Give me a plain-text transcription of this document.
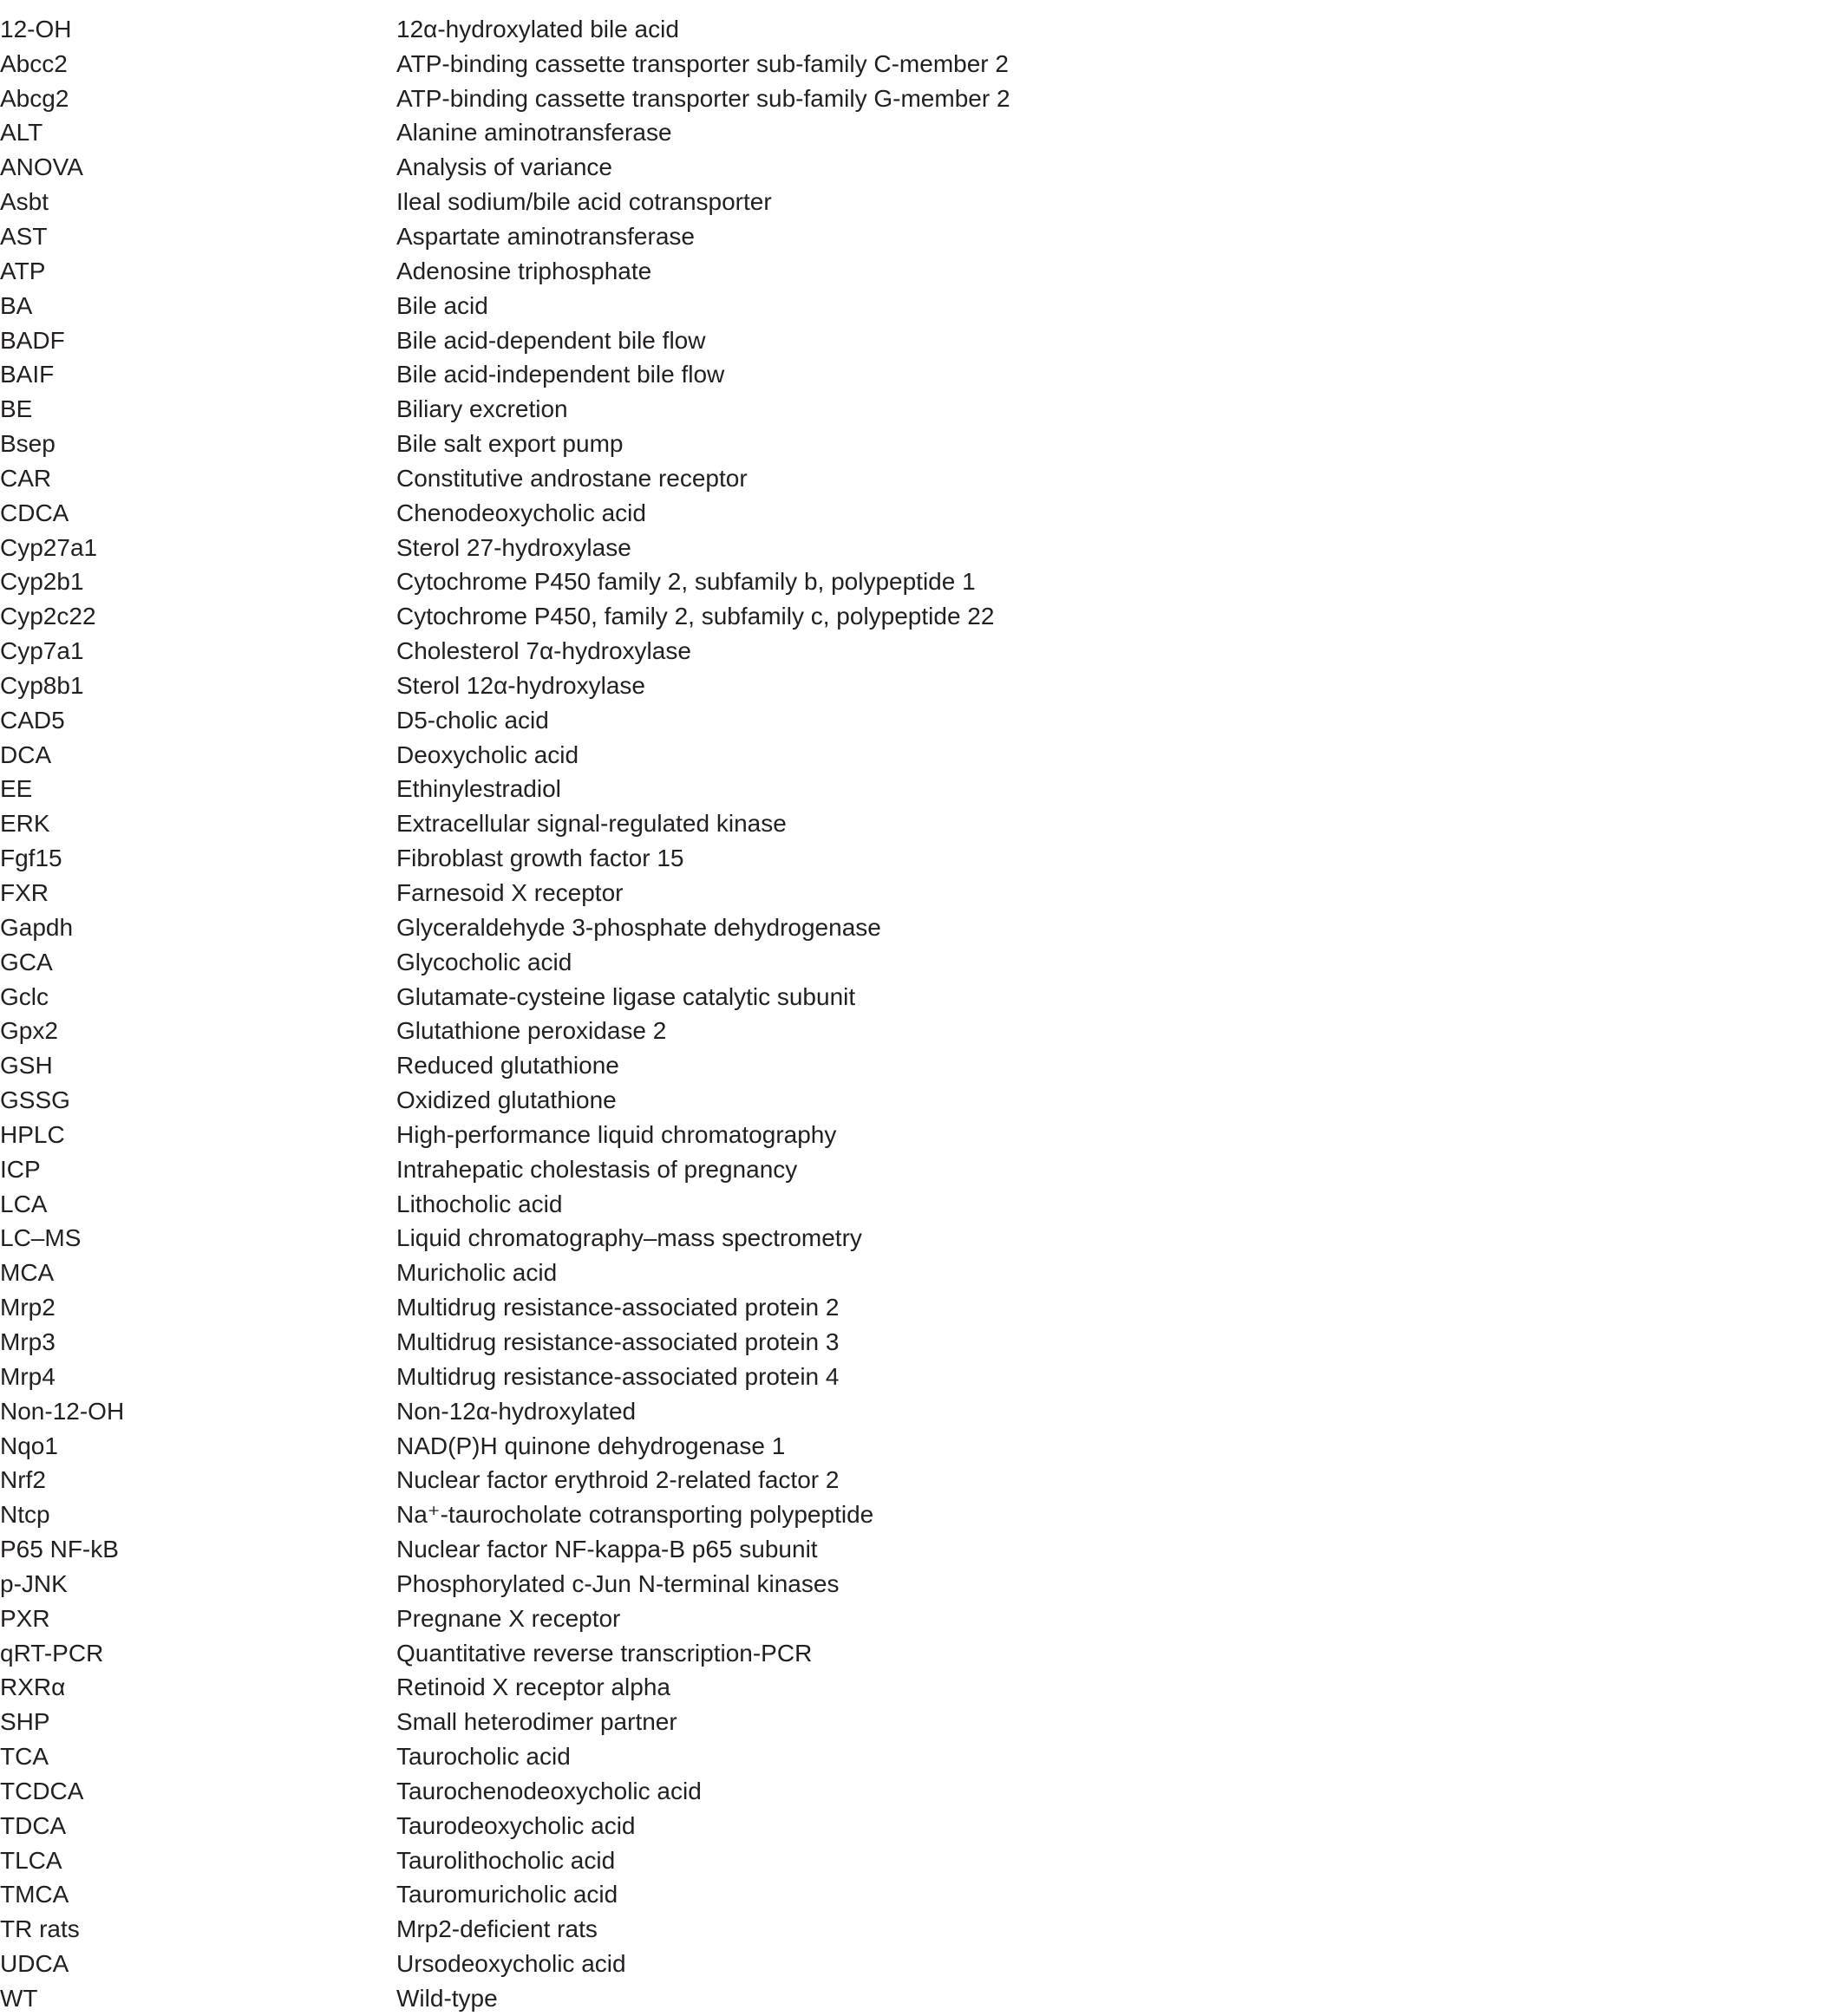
12-OH	12α-hydroxylated bile acid
Abcc2	ATP-binding cassette transporter sub-family C-member 2
Abcg2	ATP-binding cassette transporter sub-family G-member 2
ALT	Alanine aminotransferase
ANOVA	Analysis of variance
Asbt	Ileal sodium/bile acid cotransporter
AST	Aspartate aminotransferase
ATP	Adenosine triphosphate
BA	Bile acid
BADF	Bile acid-dependent bile flow
BAIF	Bile acid-independent bile flow
BE	Biliary excretion
Bsep	Bile salt export pump
CAR	Constitutive androstane receptor
CDCA	Chenodeoxycholic acid
Cyp27a1	Sterol 27-hydroxylase
Cyp2b1	Cytochrome P450 family 2, subfamily b, polypeptide 1
Cyp2c22	Cytochrome P450, family 2, subfamily c, polypeptide 22
Cyp7a1	Cholesterol 7α-hydroxylase
Cyp8b1	Sterol 12α-hydroxylase
CAD5	D5-cholic acid
DCA	Deoxycholic acid
EE	Ethinylestradiol
ERK	Extracellular signal-regulated kinase
Fgf15	Fibroblast growth factor 15
FXR	Farnesoid X receptor
Gapdh	Glyceraldehyde 3-phosphate dehydrogenase
GCA	Glycocholic acid
Gclc	Glutamate-cysteine ligase catalytic subunit
Gpx2	Glutathione peroxidase 2
GSH	Reduced glutathione
GSSG	Oxidized glutathione
HPLC	High-performance liquid chromatography
ICP	Intrahepatic cholestasis of pregnancy
LCA	Lithocholic acid
LC–MS	Liquid chromatography–mass spectrometry
MCA	Muricholic acid
Mrp2	Multidrug resistance-associated protein 2
Mrp3	Multidrug resistance-associated protein 3
Mrp4	Multidrug resistance-associated protein 4
Non-12-OH	Non-12α-hydroxylated
Nqo1	NAD(P)H quinone dehydrogenase 1
Nrf2	Nuclear factor erythroid 2-related factor 2
Ntcp	Na⁺-taurocholate cotransporting polypeptide
P65 NF-kB	Nuclear factor NF-kappa-B p65 subunit
p-JNK	Phosphorylated c-Jun N-terminal kinases
PXR	Pregnane X receptor
qRT-PCR	Quantitative reverse transcription-PCR
RXRα	Retinoid X receptor alpha
SHP	Small heterodimer partner
TCA	Taurocholic acid
TCDCA	Taurochenodeoxycholic acid
TDCA	Taurodeoxycholic acid
TLCA	Taurolithocholic acid
TMCA	Tauromuricholic acid
TR rats	Mrp2-deficient rats
UDCA	Ursodeoxycholic acid
WT	Wild-type
